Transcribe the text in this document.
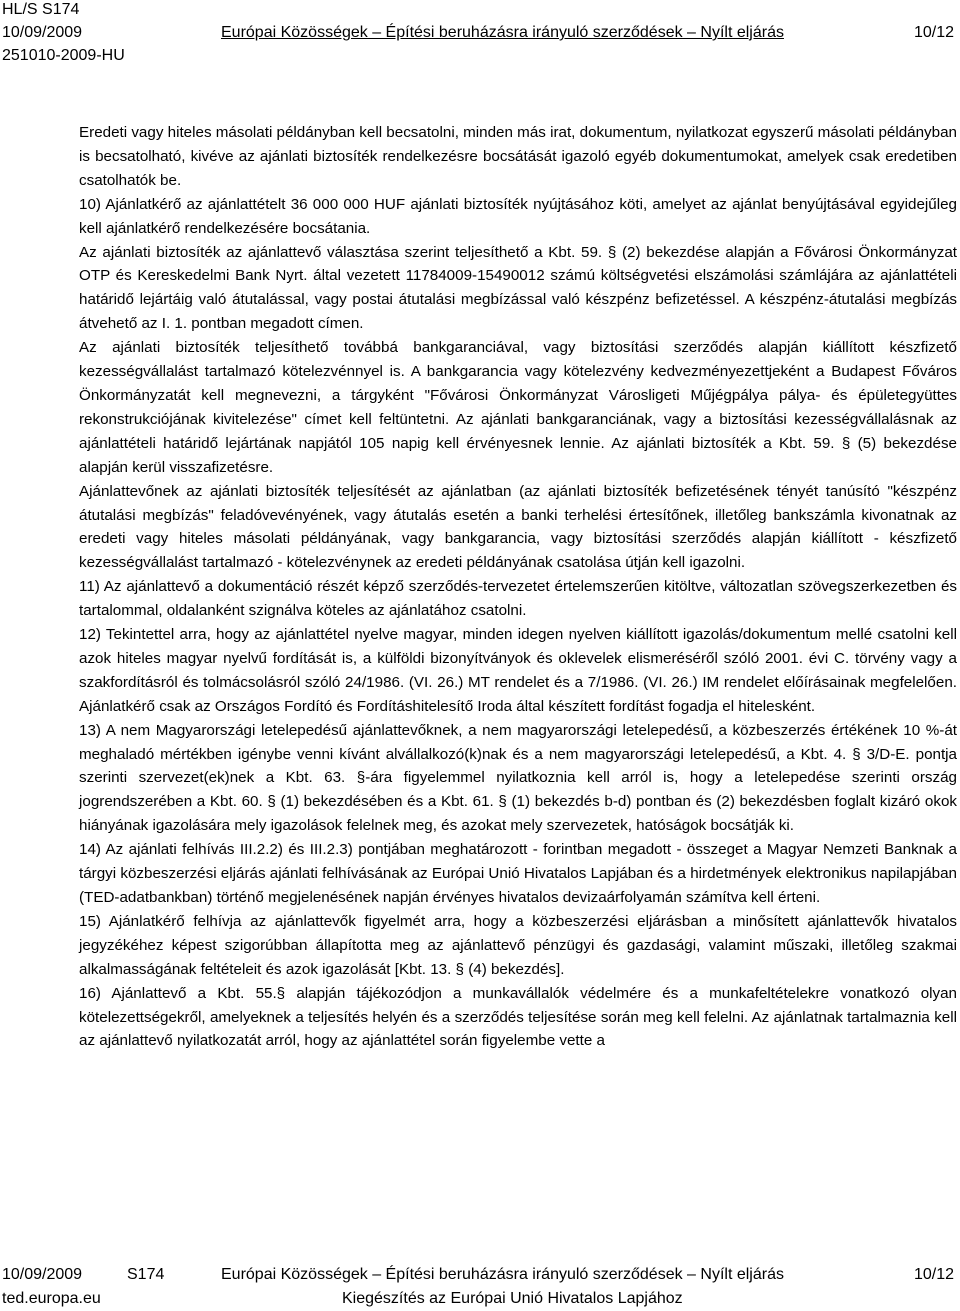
HL/S S174
10/09/2009
251010-2009-HU
Európai Közösségek – Építési beruházásra irányuló szerződések – Nyílt eljárás	10/12

Eredeti vagy hiteles másolati példányban kell becsatolni, minden más irat, dokumentum, nyilatkozat egyszerű másolati példányban is becsatolható, kivéve az ajánlati biztosíték rendelkezésre bocsátását igazoló egyéb dokumentumokat, amelyek csak eredetiben csatolhatók be.

10) Ajánlatkérő az ajánlattételt 36 000 000 HUF ajánlati biztosíték nyújtásához köti, amelyet az ajánlat benyújtásával egyidejűleg kell ajánlatkérő rendelkezésére bocsátania.

Az ajánlati biztosíték az ajánlattevő választása szerint teljesíthető a Kbt. 59. § (2) bekezdése alapján a Fővárosi Önkormányzat OTP és Kereskedelmi Bank Nyrt. által vezetett 11784009-15490012 számú költségvetési elszámolási számlájára az ajánlattételi határidő lejártáig való átutalással, vagy postai átutalási megbízással való készpénz befizetéssel. A készpénz-átutalási megbízás átvehető az I. 1. pontban megadott címen.

Az ajánlati biztosíték teljesíthető továbbá bankgaranciával, vagy biztosítási szerződés alapján kiállított készfizető kezességvállalást tartalmazó kötelezvénnyel is. A bankgarancia vagy kötelezvény kedvezményezettjeként a Budapest Főváros Önkormányzatát kell megnevezni, a tárgyként "Fővárosi Önkormányzat Városligeti Műjégpálya pálya- és épületegyüttes rekonstrukciójának kivitelezése" címet kell feltüntetni. Az ajánlati bankgaranciának, vagy a biztosítási kezességvállalásnak az ajánlattételi határidő lejártának napjától 105 napig kell érvényesnek lennie. Az ajánlati biztosíték a Kbt. 59. § (5) bekezdése alapján kerül visszafizetésre.

Ajánlattevőnek az ajánlati biztosíték teljesítését az ajánlatban (az ajánlati biztosíték befizetésének tényét tanúsító "készpénz átutalási megbízás" feladóvevényének, vagy átutalás esetén a banki terhelési értesítőnek, illetőleg bankszámla kivonatnak az eredeti vagy hiteles másolati példányának, vagy bankgarancia, vagy biztosítási szerződés alapján kiállított - készfizető kezességvállalást tartalmazó - kötelezvénynek az eredeti példányának csatolása útján kell igazolni.

11) Az ajánlattevő a dokumentáció részét képző szerződés-tervezetet értelemszerűen kitöltve, változatlan szövegszerkezetben és tartalommal, oldalanként szignálva köteles az ajánlatához csatolni.

12) Tekintettel arra, hogy az ajánlattétel nyelve magyar, minden idegen nyelven kiállított igazolás/dokumentum mellé csatolni kell azok hiteles magyar nyelvű fordítását is, a külföldi bizonyítványok és oklevelek elismeréséről szóló 2001. évi C. törvény vagy a szakfordításról és tolmácsolásról szóló 24/1986. (VI. 26.) MT rendelet és a 7/1986. (VI. 26.) IM rendelet előírásainak megfelelően. Ajánlatkérő csak az Országos Fordító és Fordításhitelesítő Iroda által készített fordítást fogadja el hitelesként.

13) A nem Magyarországi letelepedésű ajánlattevőknek, a nem magyarországi letelepedésű, a közbeszerzés értékének 10 %-át meghaladó mértékben igénybe venni kívánt alvállalkozó(k)nak és a nem magyarországi letelepedésű, a Kbt. 4. § 3/D-E. pontja szerinti szervezet(ek)nek a Kbt. 63. §-ára figyelemmel nyilatkoznia kell arról is, hogy a letelepedése szerinti ország jogrendszerében a Kbt. 60. § (1) bekezdésében és a Kbt. 61. § (1) bekezdés b-d) pontban és (2) bekezdésben foglalt kizáró okok hiányának igazolására mely igazolások felelnek meg, és azokat mely szervezetek, hatóságok bocsátják ki.

14) Az ajánlati felhívás III.2.2) és III.2.3) pontjában meghatározott - forintban megadott - összeget a Magyar Nemzeti Banknak a tárgyi közbeszerzési eljárás ajánlati felhívásának az Európai Unió Hivatalos Lapjában és a hirdetmények elektronikus napilapjában (TED-adatbankban) történő megjelenésének napján érvényes hivatalos devizaárfolyamán számítva kell érteni.

15) Ajánlatkérő felhívja az ajánlattevők figyelmét arra, hogy a közbeszerzési eljárásban a minősített ajánlattevők hivatalos jegyzékéhez képest szigorúbban állapította meg az ajánlattevő pénzügyi és gazdasági, valamint műszaki, illetőleg szakmai alkalmasságának feltételeit és azok igazolását [Kbt. 13. § (4) bekezdés].

16) Ajánlattevő a Kbt. 55.§ alapján tájékozódjon a munkavállalók védelmére és a munkafeltételekre vonatkozó olyan kötelezettségekről, amelyeknek a teljesítés helyén és a szerződés teljesítése során meg kell felelni. Az ajánlatnak tartalmaznia kell az ajánlattevő nyilatkozatát arról, hogy az ajánlattétel során figyelembe vette a

10/09/2009	S174	Európai Közösségek – Építési beruházásra irányuló szerződések – Nyílt eljárás	10/12
ted.europa.eu	Kiegészítés az Európai Unió Hivatalos Lapjához
